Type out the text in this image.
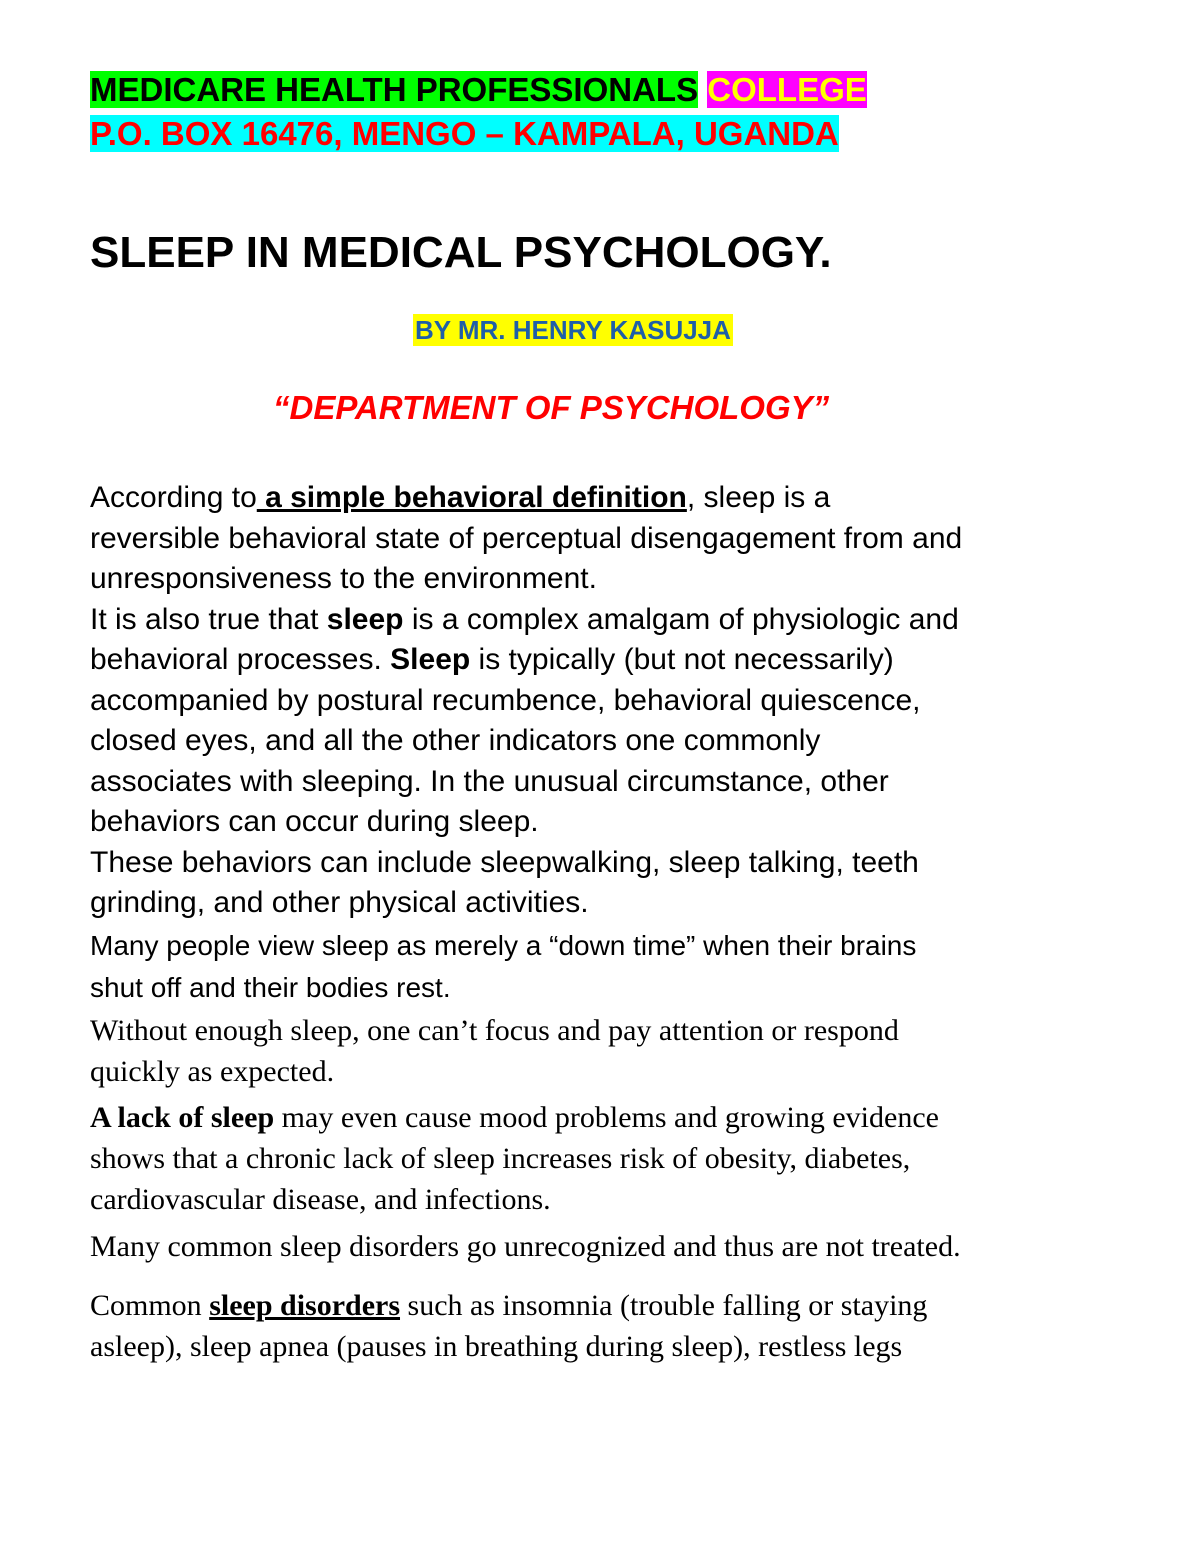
MEDICARE HEALTH PROFESSIONALS COLLEGE
P.O. BOX 16476, MENGO – KAMPALA, UGANDA
SLEEP IN MEDICAL PSYCHOLOGY.
BY MR. HENRY KASUJJA
“DEPARTMENT OF PSYCHOLOGY”
According to a simple behavioral definition, sleep is a
reversible behavioral state of perceptual disengagement from and
unresponsiveness to the environment.
It is also true that sleep is a complex amalgam of physiologic and
behavioral processes. Sleep is typically (but not necessarily)
accompanied by postural recumbence, behavioral quiescence,
closed eyes, and all the other indicators one commonly
associates with sleeping. In the unusual circumstance, other
behaviors can occur during sleep.
These behaviors can include sleepwalking, sleep talking, teeth
grinding, and other physical activities.
Many people view sleep as merely a “down time” when their brains
shut off and their bodies rest.
Without enough sleep, one can’t focus and pay attention or respond
quickly as expected.
A lack of sleep may even cause mood problems and growing evidence
shows that a chronic lack of sleep increases risk of obesity, diabetes,
cardiovascular disease, and infections.
Many common sleep disorders go unrecognized and thus are not treated.
Common sleep disorders such as insomnia (trouble falling or staying
asleep), sleep apnea (pauses in breathing during sleep), restless legs
